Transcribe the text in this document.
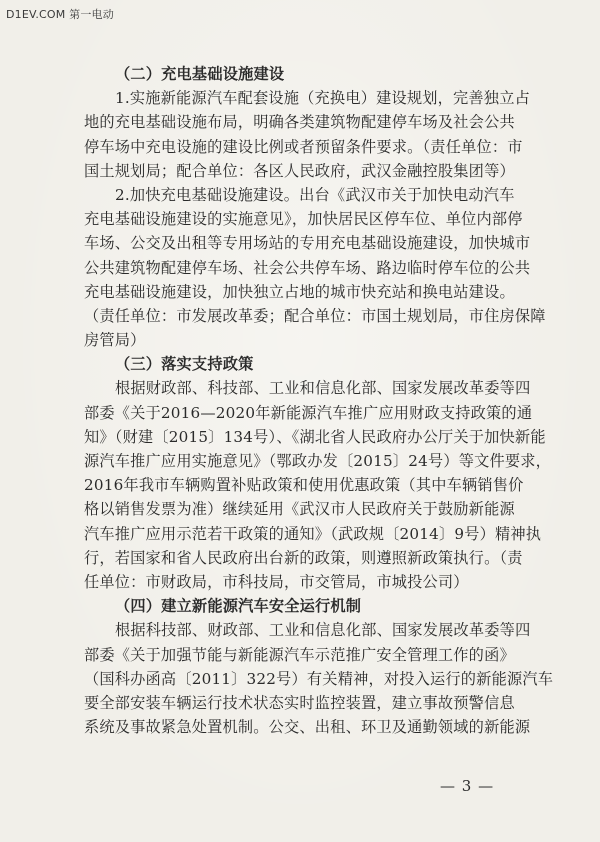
D1EV.COM 第一电动
（二）充电基础设施建设
1.实施新能源汽车配套设施（充换电）建设规划，完善独立占
地的充电基础设施布局，明确各类建筑物配建停车场及社会公共
停车场中充电设施的建设比例或者预留条件要求。（责任单位：市
国土规划局；配合单位：各区人民政府，武汉金融控股集团等）
2.加快充电基础设施建设。出台《武汉市关于加快电动汽车
充电基础设施建设的实施意见》，加快居民区停车位、单位内部停
车场、公交及出租等专用场站的专用充电基础设施建设，加快城市
公共建筑物配建停车场、社会公共停车场、路边临时停车位的公共
充电基础设施建设，加快独立占地的城市快充站和换电站建设。
（责任单位：市发展改革委；配合单位：市国土规划局，市住房保障
房管局）
（三）落实支持政策
根据财政部、科技部、工业和信息化部、国家发展改革委等四
部委《关于2016—2020年新能源汽车推广应用财政支持政策的通
知》（财建〔2015〕134号）、《湖北省人民政府办公厅关于加快新能
源汽车推广应用实施意见》（鄂政办发〔2015〕24号）等文件要求，
2016年我市车辆购置补贴政策和使用优惠政策（其中车辆销售价
格以销售发票为准）继续延用《武汉市人民政府关于鼓励新能源
汽车推广应用示范若干政策的通知》（武政规〔2014〕9号）精神执
行，若国家和省人民政府出台新的政策，则遵照新政策执行。（责
任单位：市财政局，市科技局，市交管局，市城投公司）
（四）建立新能源汽车安全运行机制
根据科技部、财政部、工业和信息化部、国家发展改革委等四
部委《关于加强节能与新能源汽车示范推广安全管理工作的函》
（国科办函高〔2011〕322号）有关精神，对投入运行的新能源汽车
要全部安装车辆运行技术状态实时监控装置，建立事故预警信息
系统及事故紧急处置机制。公交、出租、环卫及通勤领域的新能源
— 3 —
